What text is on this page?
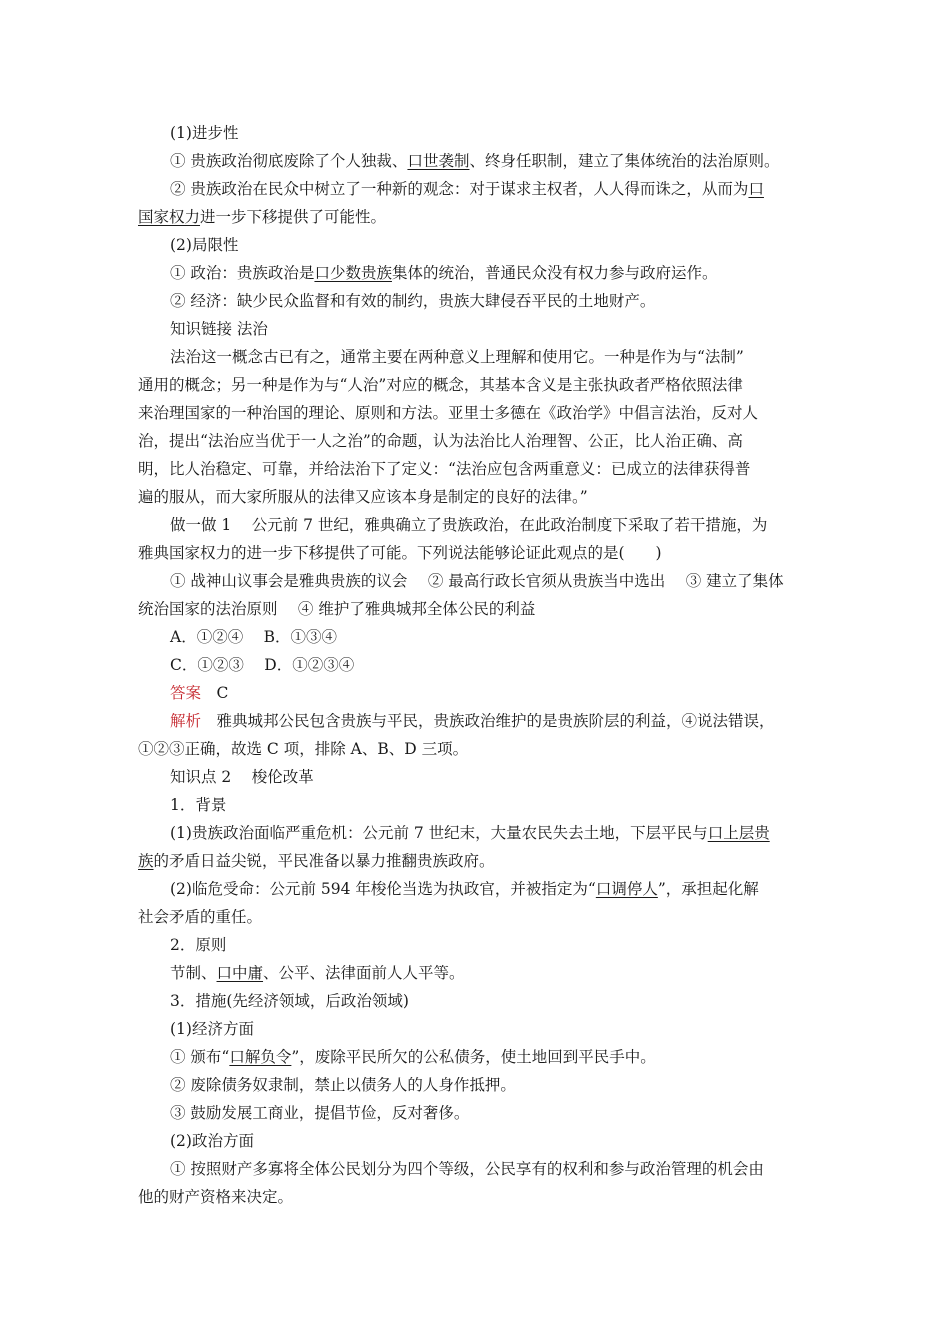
(1)进步性
① 贵族政治彻底废除了个人独裁、口世袭制、终身任职制，建立了集体统治的法治原则。
② 贵族政治在民众中树立了一种新的观念：对于谋求主权者，人人得而诛之，从而为口
国家权力进一步下移提供了可能性。
(2)局限性
① 政治：贵族政治是口少数贵族集体的统治，普通民众没有权力参与政府运作。
② 经济：缺少民众监督和有效的制约，贵族大肆侵吞平民的土地财产。
知识链接 法治
法治这一概念古已有之，通常主要在两种意义上理解和使用它。一种是作为与“法制”
通用的概念；另一种是作为与“人治”对应的概念，其基本含义是主张执政者严格依照法律
来治理国家的一种治国的理论、原则和方法。亚里士多德在《政治学》中倡言法治，反对人
治，提出“法治应当优于一人之治”的命题，认为法治比人治理智、公正，比人治正确、高
明，比人治稳定、可靠，并给法治下了定义：“法治应包含两重意义：已成立的法律获得普
遍的服从，而大家所服从的法律又应该本身是制定的良好的法律。”
做一做 1 　公元前 7 世纪，雅典确立了贵族政治，在此政治制度下采取了若干措施，为
雅典国家权力的进一步下移提供了可能。下列说法能够论证此观点的是(　　)
① 战神山议事会是雅典贵族的议会 　② 最高行政长官须从贵族当中选出 　③ 建立了集体
统治国家的法治原则 　④ 维护了雅典城邦全体公民的利益
A．①②④ 　B．①③④
C．①②③ 　D．①②③④
答案　C
解析　雅典城邦公民包含贵族与平民，贵族政治维护的是贵族阶层的利益，④说法错误，
①②③正确，故选 C 项，排除 A、B、D 三项。
知识点 2 　梭伦改革
1．背景
(1)贵族政治面临严重危机：公元前 7 世纪末，大量农民失去土地，下层平民与口上层贵
族的矛盾日益尖锐，平民准备以暴力推翻贵族政府。
(2)临危受命：公元前 594 年梭伦当选为执政官，并被指定为“口调停人”，承担起化解
社会矛盾的重任。
2．原则
节制、口中庸、公平、法律面前人人平等。
3．措施(先经济领域，后政治领域)
(1)经济方面
① 颁布“口解负令”，废除平民所欠的公私债务，使土地回到平民手中。
② 废除债务奴隶制，禁止以债务人的人身作抵押。
③ 鼓励发展工商业，提倡节俭，反对奢侈。
(2)政治方面
① 按照财产多寡将全体公民划分为四个等级，公民享有的权利和参与政治管理的机会由
他的财产资格来决定。
